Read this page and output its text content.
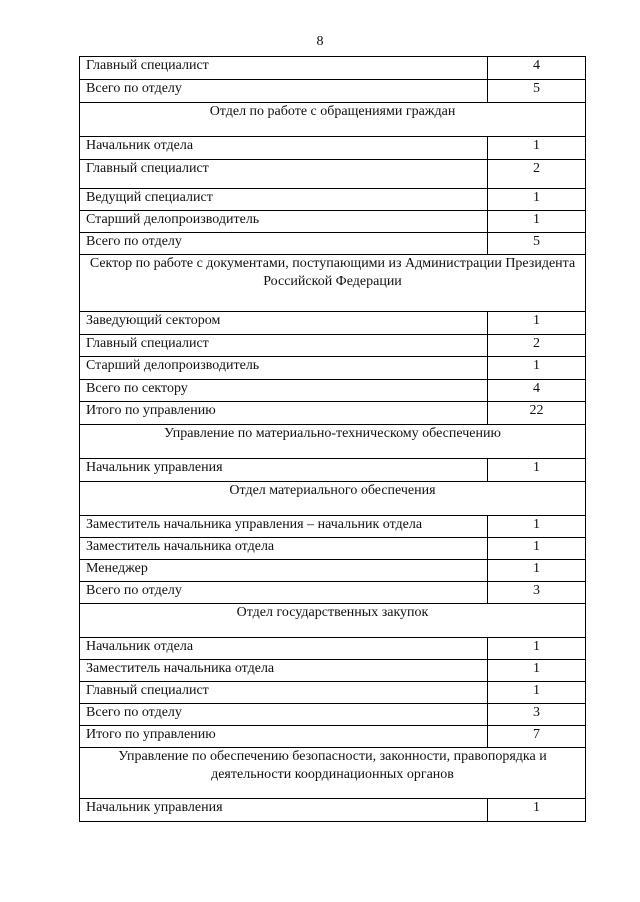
8
Главный специалист	4
Всего по отделу	5
Отдел по работе с обращениями граждан	
Начальник отдела	1
Главный специалист	2
Ведущий специалист	1
Старший делопроизводитель	1
Всего по отделу	5
Сектор по работе с документами, поступающими из Администрации Президента Российской Федерации	
Заведующий сектором	1
Главный специалист	2
Старший делопроизводитель	1
Всего по сектору	4
Итого по управлению	22
Управление по материально-техническому обеспечению	
Начальник управления	1
Отдел материального обеспечения	
Заместитель начальника управления – начальник отдела	1
Заместитель начальника отдела	1
Менеджер	1
Всего по отделу	3
Отдел государственных закупок	
Начальник отдела	1
Заместитель начальника отдела	1
Главный специалист	1
Всего по отделу	3
Итого по управлению	7
Управление по обеспечению безопасности, законности, правопорядка и деятельности координационных органов	
Начальник управления	1
